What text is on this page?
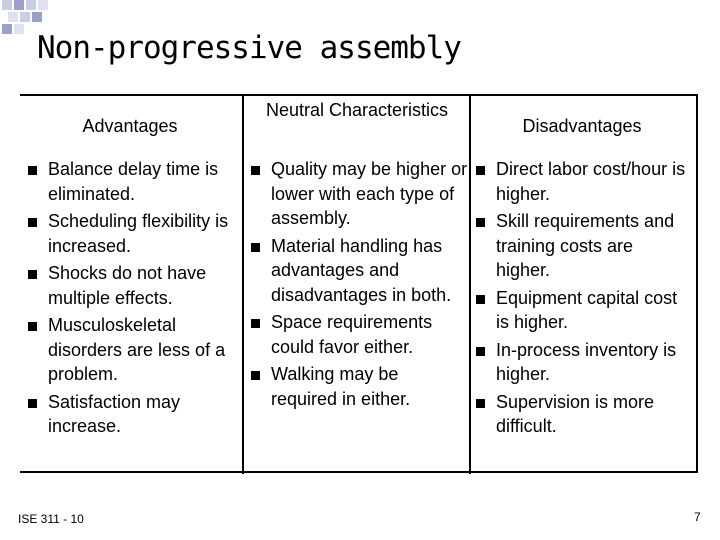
Non-progressive assembly
Advantages
Neutral Characteristics
Disadvantages
Balance delay time is eliminated.
Scheduling flexibility is increased.
Shocks do not have multiple effects.
Musculoskeletal disorders are less of a problem.
Satisfaction may increase.
Quality may be higher or lower with each type of assembly.
Material handling has advantages and disadvantages in both.
Space requirements could favor either.
Walking may be required in either.
Direct labor cost/hour is higher.
Skill requirements and training costs are higher.
Equipment capital cost is higher.
In-process inventory is higher.
Supervision is more difficult.
ISE 311 - 10	7
